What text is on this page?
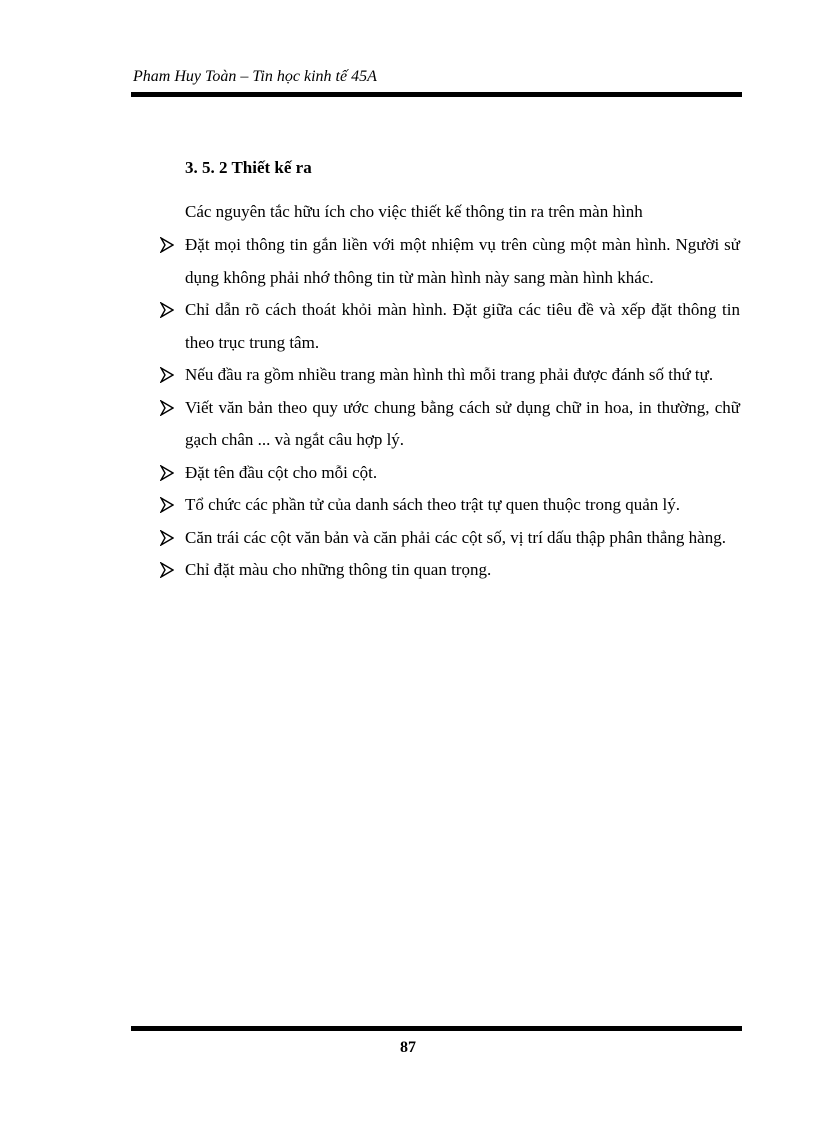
Pham Huy Toàn – Tin học kinh tế 45A
3. 5. 2 Thiết kế ra
Các nguyên tắc hữu ích cho việc thiết kế thông tin ra trên màn hình
Đặt mọi thông tin gắn liền với một nhiệm vụ trên cùng một màn hình. Người sử dụng không phải nhớ thông tin từ màn hình này sang màn hình khác.
Chỉ dẫn rõ cách thoát khỏi màn hình. Đặt giữa các tiêu đề và xếp đặt thông tin theo trục trung tâm.
Nếu đầu ra gồm nhiều trang màn hình thì mỗi trang phải được đánh số thứ tự.
Viết văn bản theo quy ước chung bằng cách sử dụng chữ in hoa, in thường, chữ gạch chân ... và ngắt câu hợp lý.
Đặt tên đầu cột cho mỗi cột.
Tổ chức các phần tử của danh sách theo trật tự quen thuộc trong quản lý.
Căn trái các cột văn bản và căn phải các cột số, vị trí dấu thập phân thẳng hàng.
Chỉ đặt màu cho những thông tin quan trọng.
87
